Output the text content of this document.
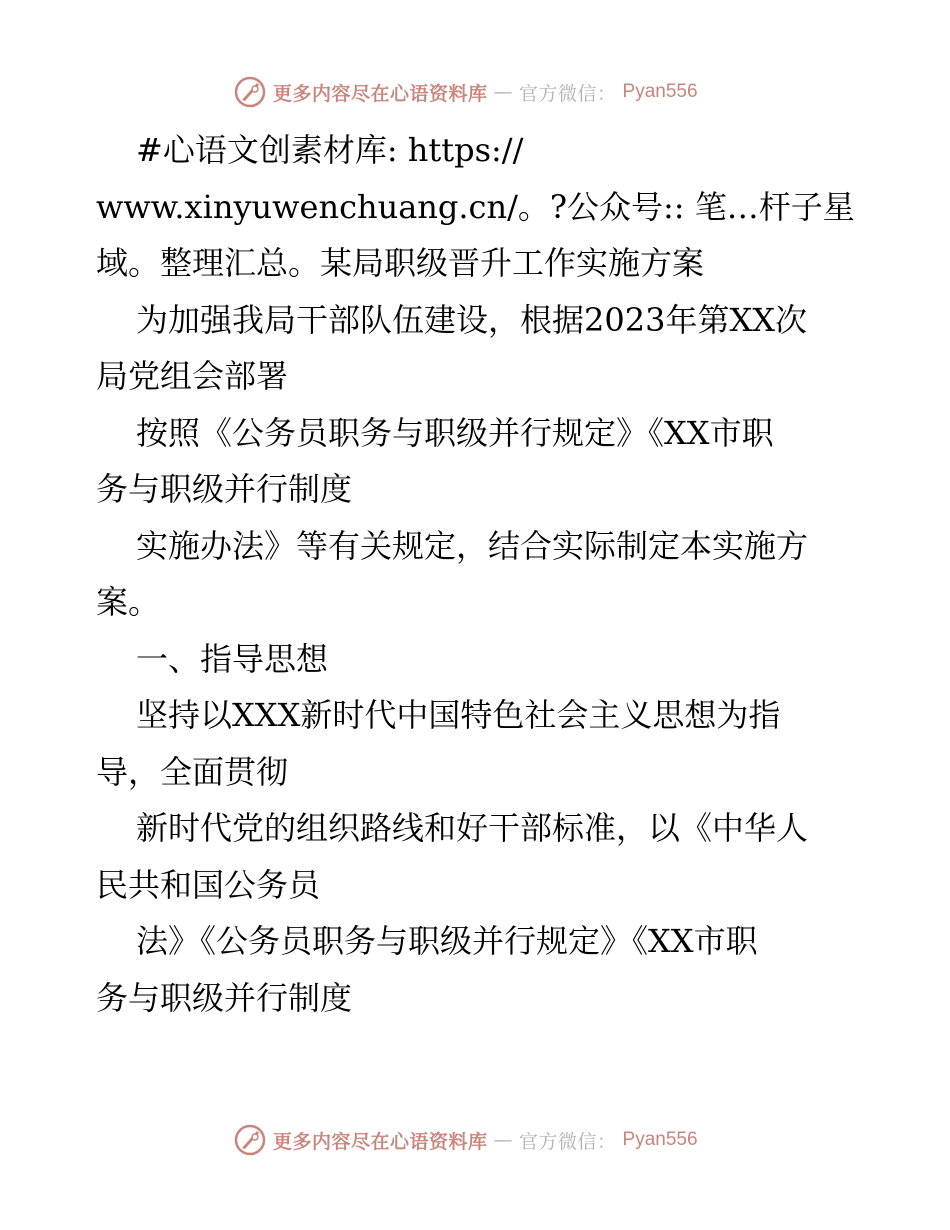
更多内容尽在心语资料库 — 官方微信： Pyan556
#心语文创素材库: https://
www.xinyuwenchuang.cn/。?公众号:: 笔…杆子星
域。整理汇总。某局职级晋升工作实施方案
为加强我局干部队伍建设，根据2023年第XX次
局党组会部署
按照《公务员职务与职级并行规定》《XX市职
务与职级并行制度
实施办法》等有关规定，结合实际制定本实施方
案。
一、指导思想
坚持以XXX新时代中国特色社会主义思想为指
导，全面贯彻
新时代党的组织路线和好干部标准，以《中华人
民共和国公务员
法》《公务员职务与职级并行规定》《XX市职
务与职级并行制度
更多内容尽在心语资料库 — 官方微信： Pyan556
